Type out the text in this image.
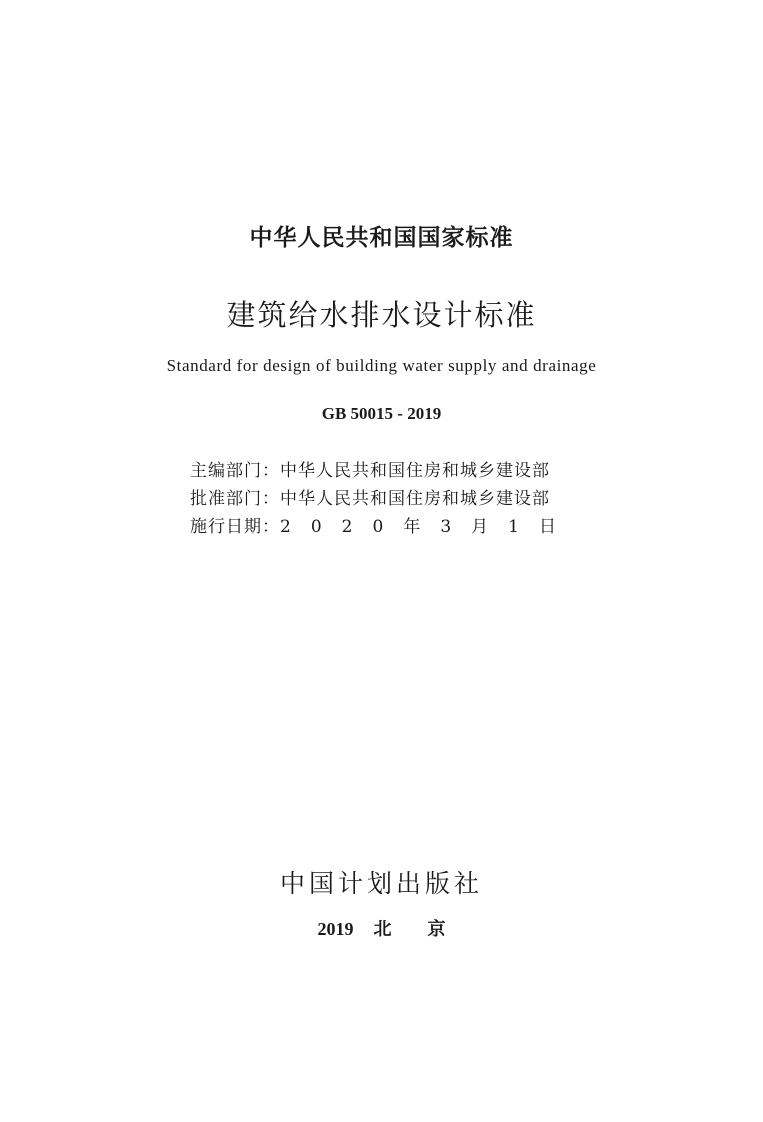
中华人民共和国国家标准
建筑给水排水设计标准
Standard for design of building water supply and drainage
GB 50015 - 2019
主编部门：中华人民共和国住房和城乡建设部
批准部门：中华人民共和国住房和城乡建设部
施行日期：2 0 2 0 年 3 月 1 日
中国计划出版社
2019 北 京
